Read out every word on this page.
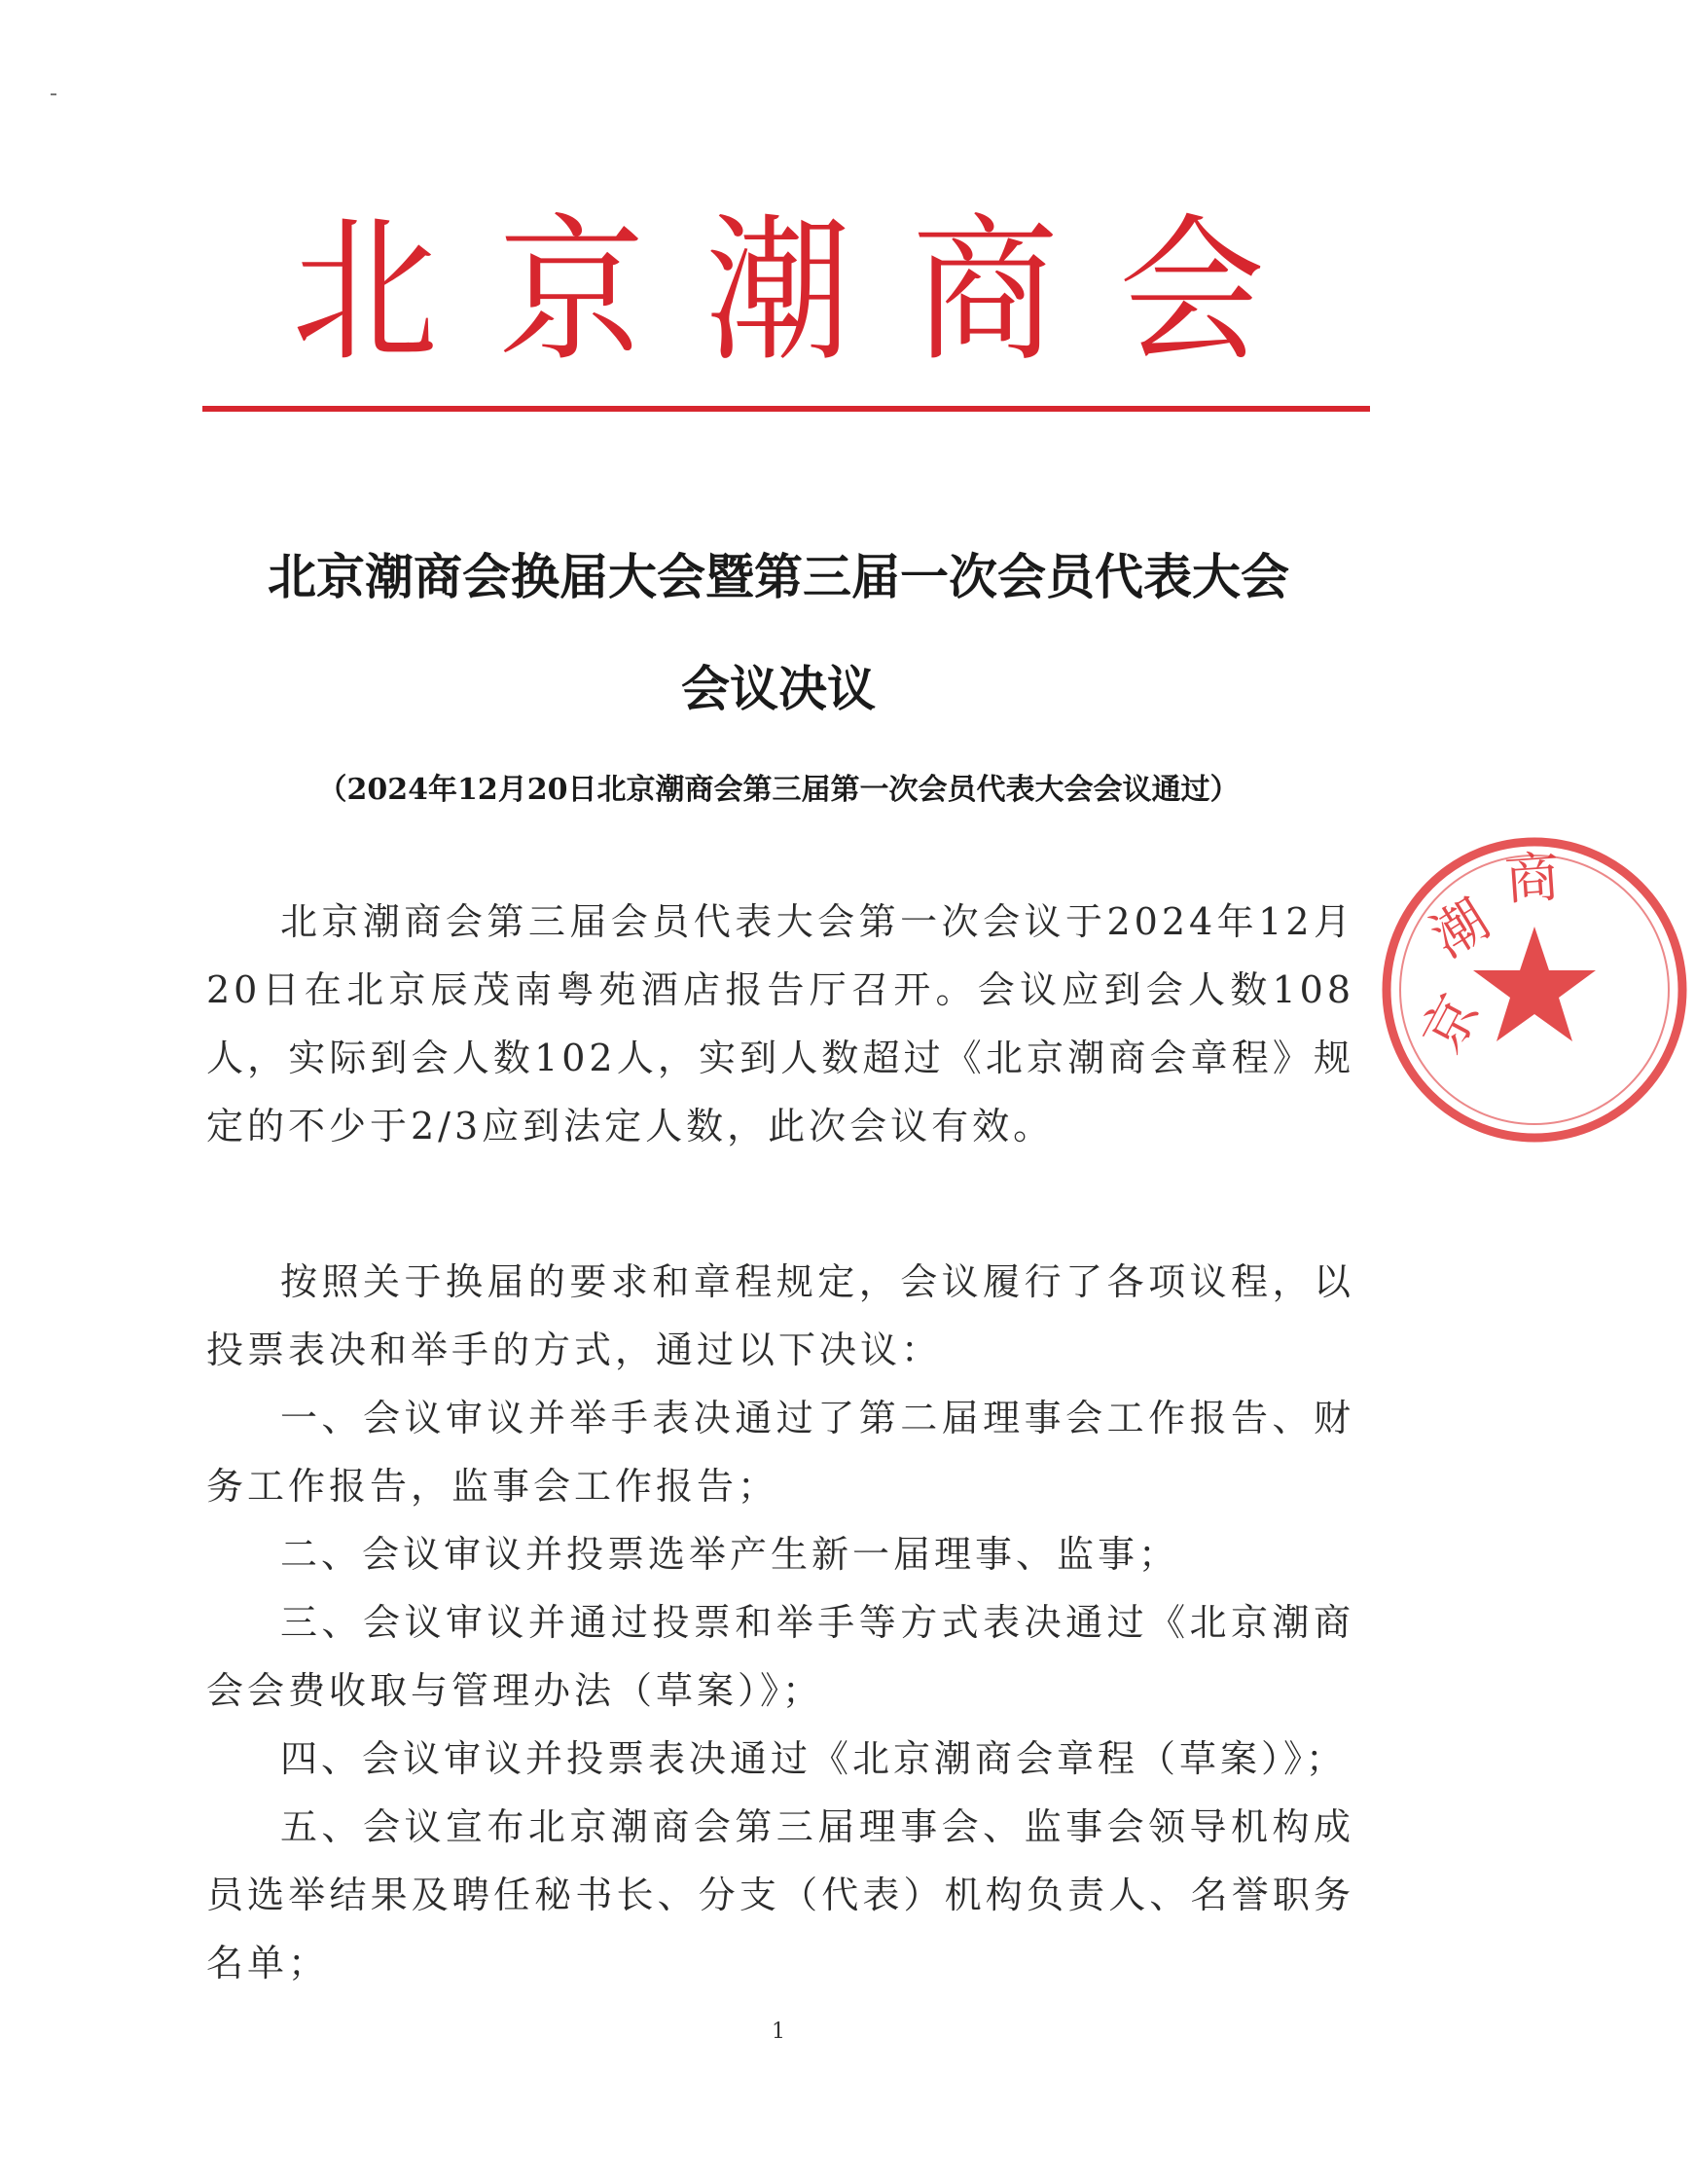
北 京 潮 商 会
北京潮商会换届大会暨第三届一次会员代表大会
会议决议
（2024年12月20日北京潮商会第三届第一次会员代表大会会议通过）

北京潮商会第三届会员代表大会第一次会议于2024年12月20日在北京辰茂南粤苑酒店报告厅召开。会议应到会人数108人，实际到会人数102人，实到人数超过《北京潮商会章程》规定的不少于2/3应到法定人数，此次会议有效。

按照关于换届的要求和章程规定，会议履行了各项议程，以投票表决和举手的方式，通过以下决议：

一、会议审议并举手表决通过了第二届理事会工作报告、财务工作报告，监事会工作报告；

二、会议审议并投票选举产生新一届理事、监事；

三、会议审议并通过投票和举手等方式表决通过《北京潮商会会费收取与管理办法（草案）》；

四、会议审议并投票表决通过《北京潮商会章程（草案）》；

五、会议宣布北京潮商会第三届理事会、监事会领导机构成员选举结果及聘任秘书长、分支（代表）机构负责人、名誉职务名单；

京
潮
商
1
